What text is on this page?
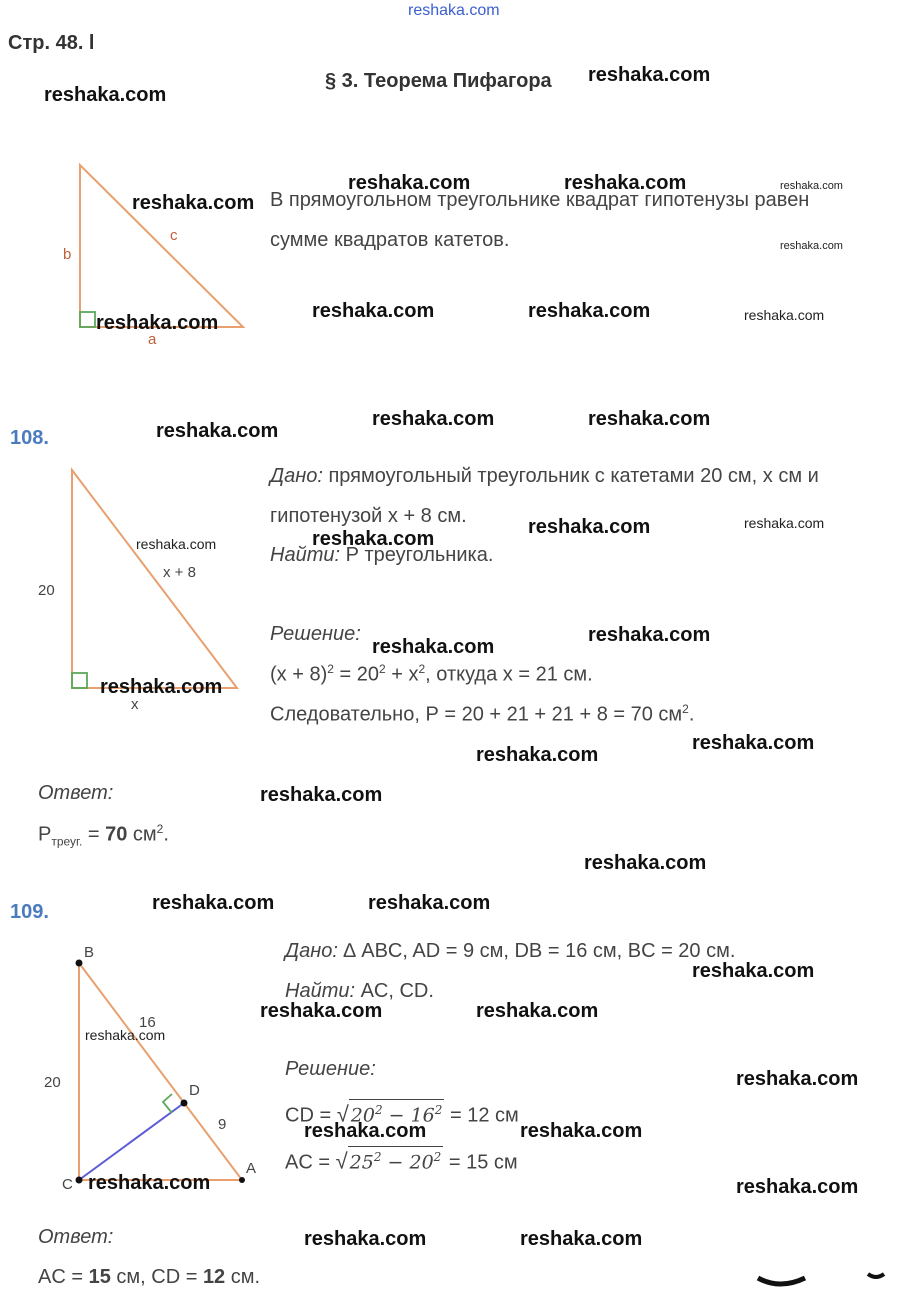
reshaka.com
Стр. 48. l
§ 3. Теорема Пифагора
b
c
a
В прямоугольном треугольнике квадрат гипотенузы равен
сумме квадратов катетов.
108.
20
x + 8
x
Дано: прямоугольный треугольник с катетами 20 см, х см и
гипотенузой х + 8 см.
Найти: Р треугольника.
Решение:
$(x + 8)^2 = 20^2 + x^2$, откуда x = 21 см.
Следовательно, Р = 20 + 21 + 21 + 8 = 70 $см^2$.
Ответ:
$Р_{треуг.} = 70$ $см^2$.
109.
B
C
A
D
20
16
9
Дано: ∆ ABC, AD = 9 см, DB = 16 см, BC = 20 см.
Найти: AC, CD.
Решение:
CD = √ $20^2 - 16^2 = 12$ см
AC = √ $25^2 - 20^2 = 15$ см
Ответ:
AC = 15 см, CD = 12 см.
reshaka.com
reshaka.com
reshaka.com
reshaka.com	reshaka.com	reshaka.com
reshaka.com
reshaka.com
reshaka.com	reshaka.com	reshaka.com
reshaka.com
reshaka.com	reshaka.com
reshaka.com	reshaka.com
reshaka.com	reshaka.com
reshaka.com
reshaka.com
reshaka.com
reshaka.com
reshaka.com
reshaka.com
reshaka.com
reshaka.com	reshaka.com
reshaka.com
reshaka.com	reshaka.com
reshaka.com
reshaka.com
reshaka.com	reshaka.com
reshaka.com	reshaka.com
reshaka.com	reshaka.com
